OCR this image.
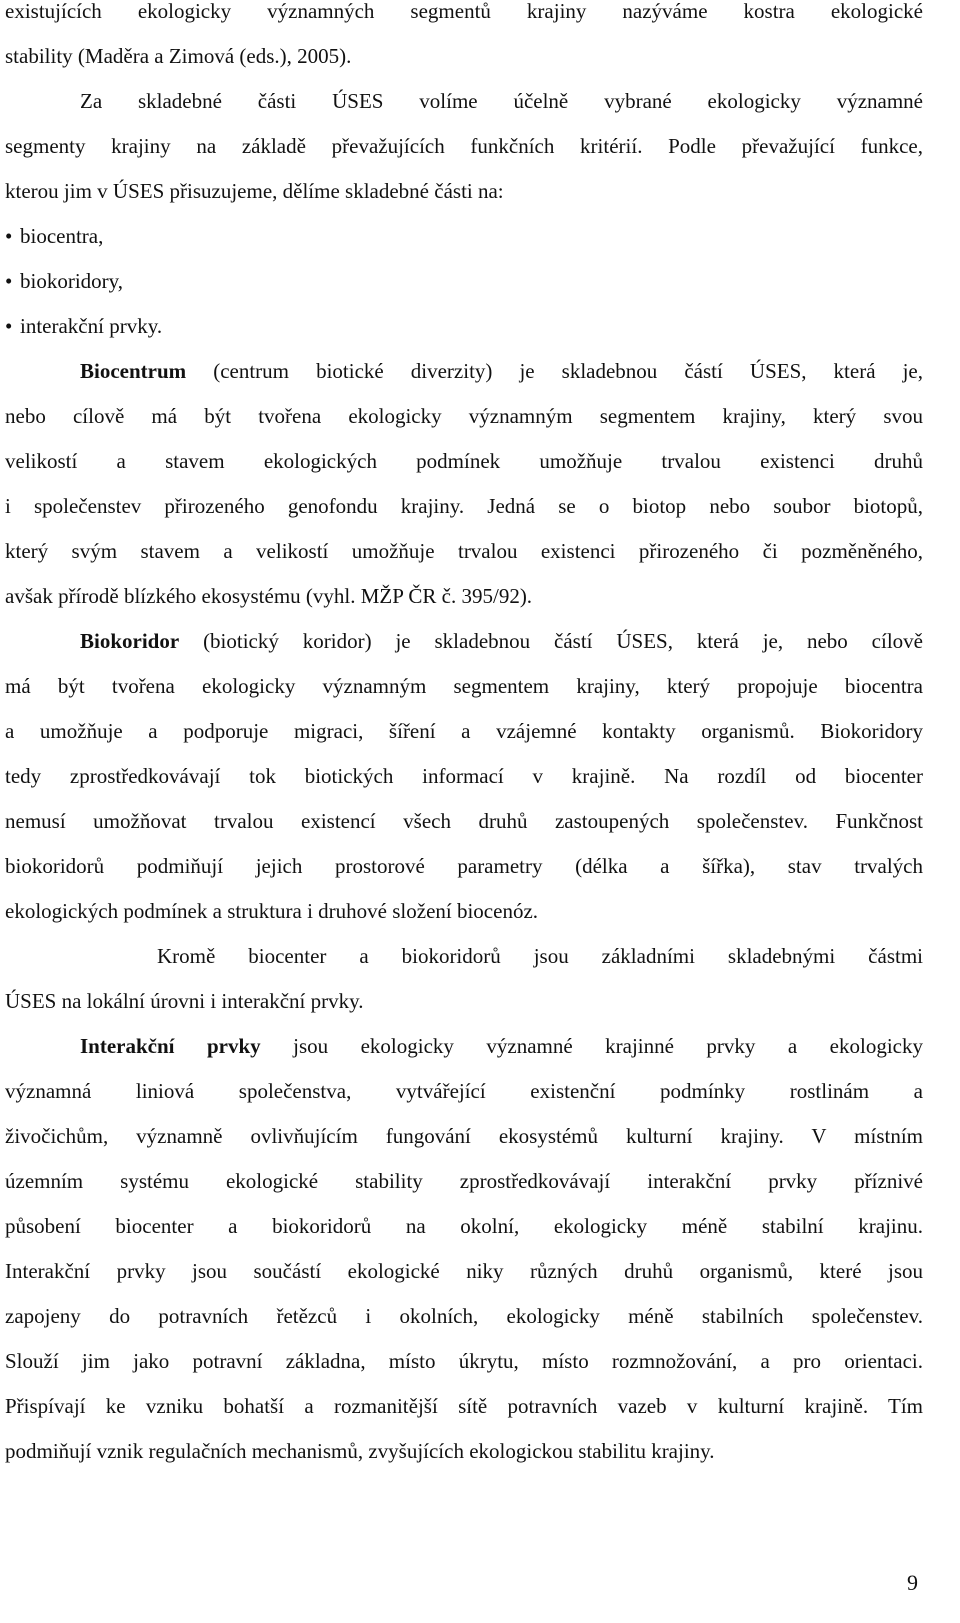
existujících ekologicky významných segmentů krajiny nazýváme kostra ekologické
stability (Maděra a Zimová (eds.), 2005).
Za skladebné části ÚSES volíme účelně vybrané ekologicky významné
segmenty krajiny na základě převažujících funkčních kritérií. Podle převažující funkce,
kterou jim v ÚSES přisuzujeme, dělíme skladebné části na:
• biocentra,
• biokoridory,
• interakční prvky.
Biocentrum (centrum biotické diverzity) je skladebnou částí ÚSES, která je,
nebo cílově má být tvořena ekologicky významným segmentem krajiny, který svou
velikostí a stavem ekologických podmínek umožňuje trvalou existenci druhů
i společenstev přirozeného genofondu krajiny. Jedná se o biotop nebo soubor biotopů,
který svým stavem a velikostí umožňuje trvalou existenci přirozeného či pozměněného,
avšak přírodě blízkého ekosystému (vyhl. MŽP ČR č. 395/92).
Biokoridor (biotický koridor) je skladebnou částí ÚSES, která je, nebo cílově
má být tvořena ekologicky významným segmentem krajiny, který propojuje biocentra
a umožňuje a podporuje migraci, šíření a vzájemné kontakty organismů. Biokoridory
tedy zprostředkovávají tok biotických informací v krajině. Na rozdíl od biocenter
nemusí umožňovat trvalou existencí všech druhů zastoupených společenstev. Funkčnost
biokoridorů podmiňují jejich prostorové parametry (délka a šířka), stav trvalých
ekologických podmínek a struktura i druhové složení biocenóz.
Kromě biocenter a biokoridorů jsou základními skladebnými částmi
ÚSES na lokální úrovni i interakční prvky.
Interakční prvky jsou ekologicky významné krajinné prvky a ekologicky
významná liniová společenstva, vytvářející existenční podmínky rostlinám a
živočichům, významně ovlivňujícím fungování ekosystémů kulturní krajiny. V místním
územním systému ekologické stability zprostředkovávají interakční prvky příznivé
působení biocenter a biokoridorů na okolní, ekologicky méně stabilní krajinu.
Interakční prvky jsou součástí ekologické niky různých druhů organismů, které jsou
zapojeny do potravních řetězců i okolních, ekologicky méně stabilních společenstev.
Slouží jim jako potravní základna, místo úkrytu, místo rozmnožování, a pro orientaci.
Přispívají ke vzniku bohatší a rozmanitější sítě potravních vazeb v kulturní krajině. Tím
podmiňují vznik regulačních mechanismů, zvyšujících ekologickou stabilitu krajiny.
9
